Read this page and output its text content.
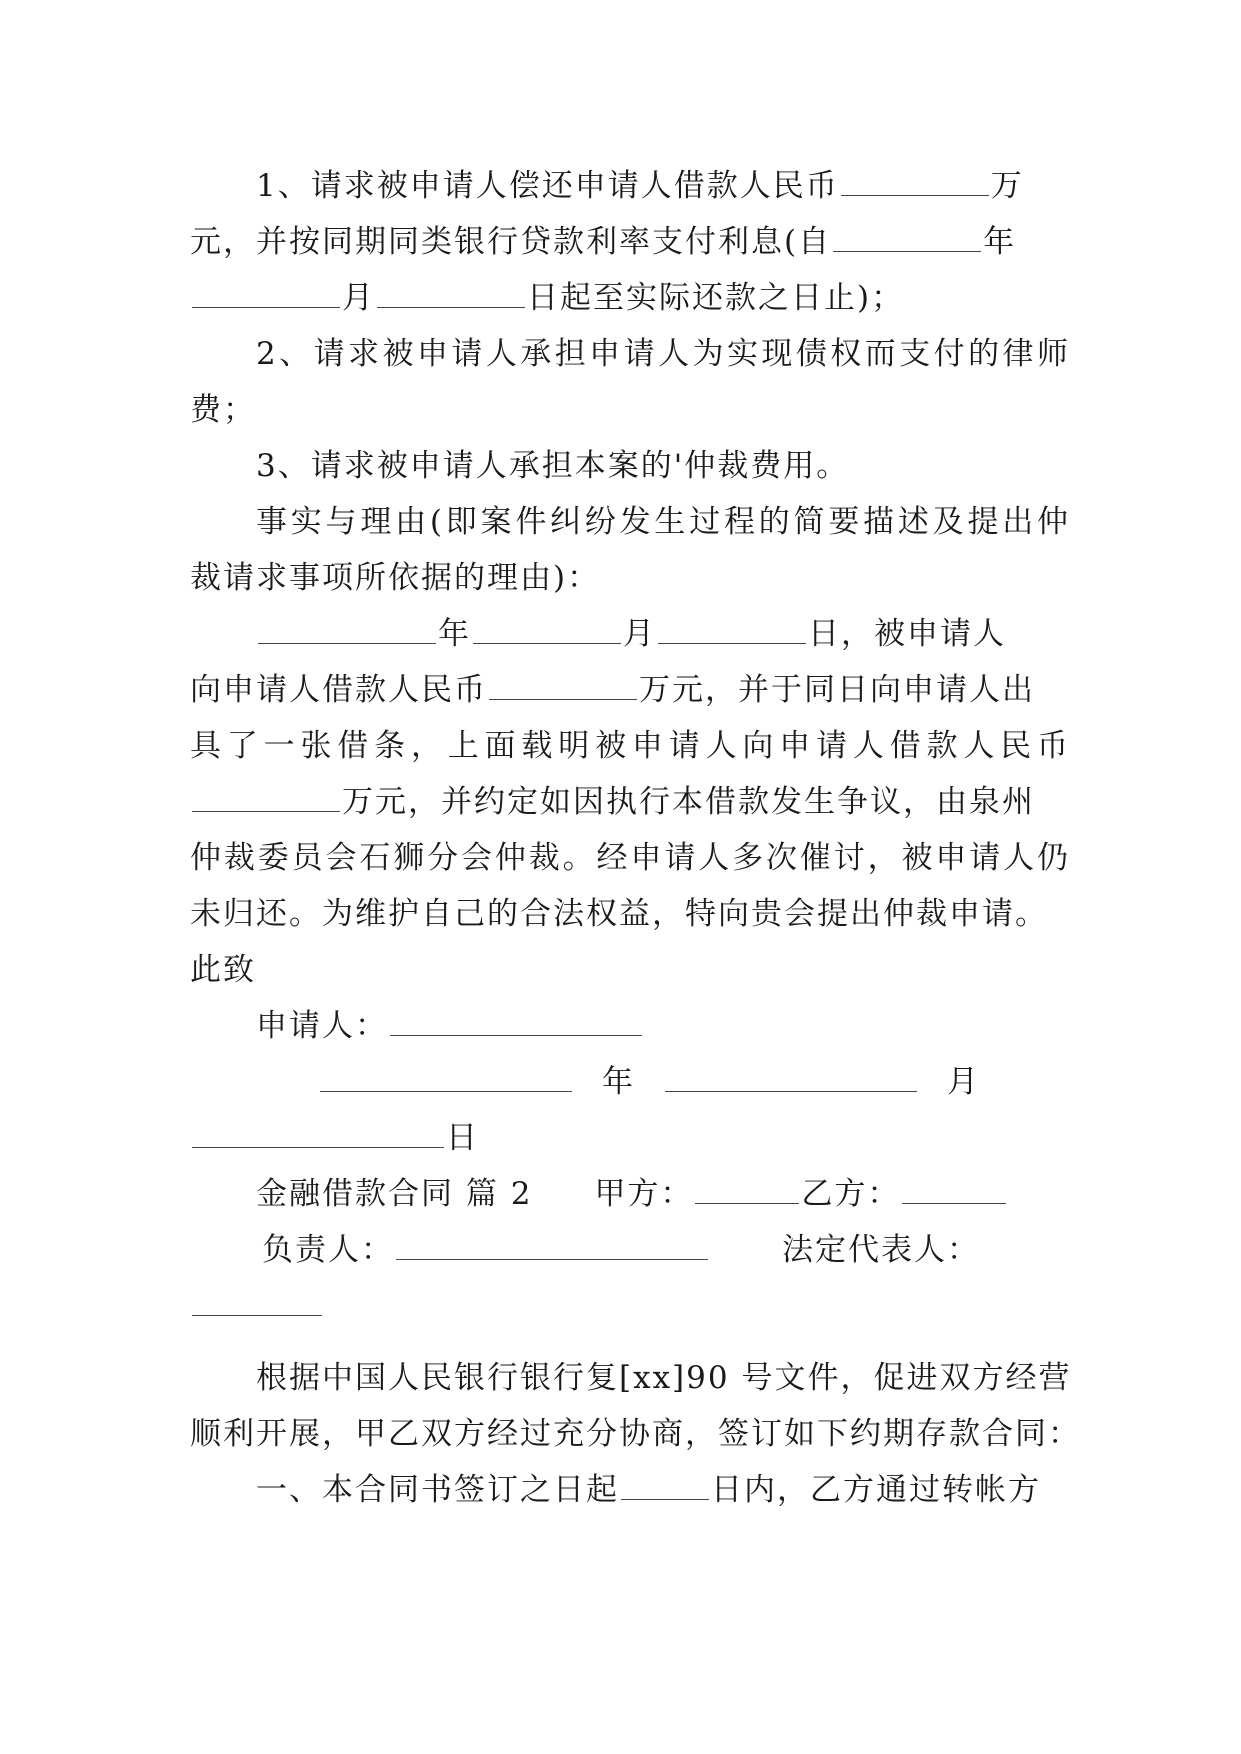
1、请求被申请人偿还申请人借款人民币	万
元，并按同期同类银行贷款利率支付利息(自	年
月	日起至实际还款之日止)；
2、请求被申请人承担申请人为实现债权而支付的律师
费；
3、请求被申请人承担本案的'仲裁费用。
事实与理由(即案件纠纷发生过程的简要描述及提出仲
裁请求事项所依据的理由)：
年	月	日，被申请人
向申请人借款人民币	万元，并于同日向申请人出
具了一张借条，上面载明被申请人向申请人借款人民币
万元，并约定如因执行本借款发生争议，由泉州
仲裁委员会石狮分会仲裁。经申请人多次催讨，被申请人仍
未归还。为维护自己的合法权益，特向贵会提出仲裁申请。
此致
申请人：
年	月
日
金融借款合同 篇 2 甲方：	乙方：
负责人：	法定代表人：
根据中国人民银行银行复[xx]90 号文件，促进双方经营
顺利开展，甲乙双方经过充分协商，签订如下约期存款合同：
一、本合同书签订之日起	日内，乙方通过转帐方
